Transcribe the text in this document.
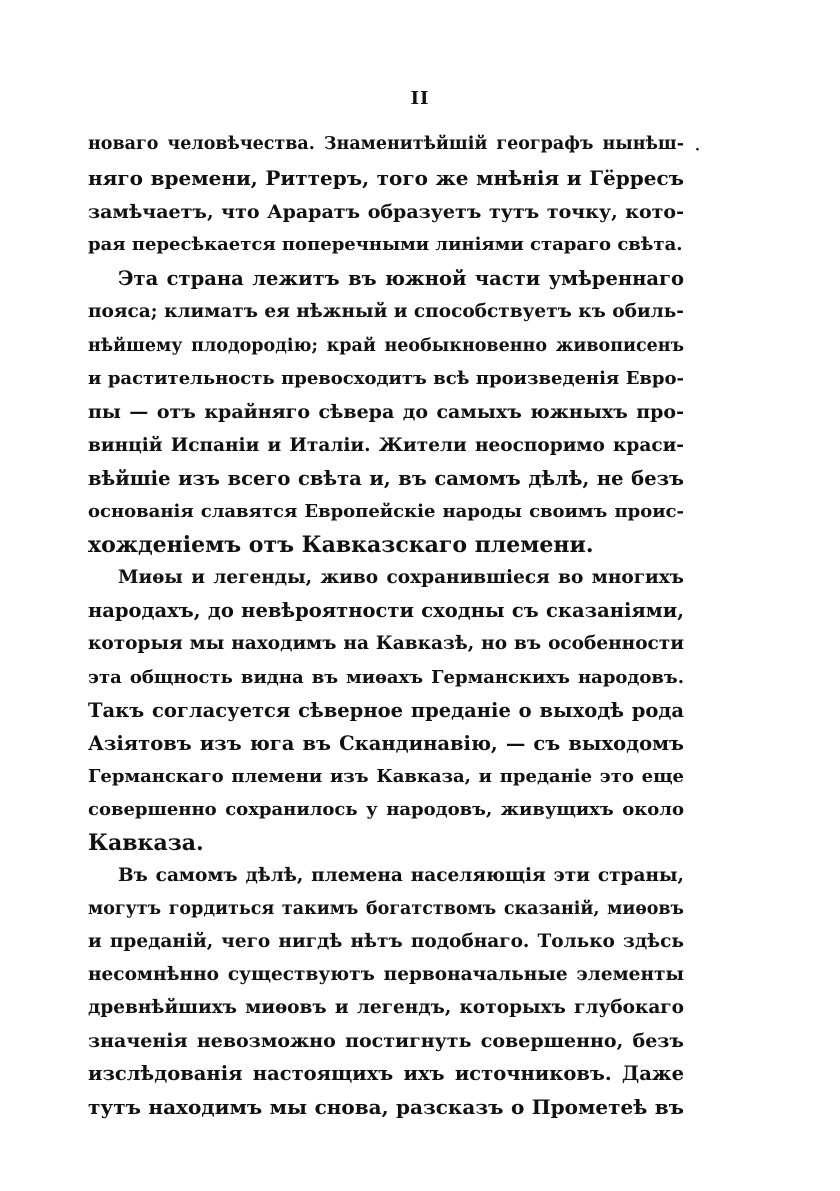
II
·
новаго человѣчества. Знаменитѣйшій географъ нынѣш-
няго времени, Риттеръ, того же мнѣнія и Гёрресъ
замѣчаетъ, что Араратъ образуетъ тутъ точку, кото-
рая пересѣкается поперечными линіями стараго свѣта.
Эта страна лежитъ въ южной части умѣреннаго
пояса; климатъ ея нѣжный и способствуетъ къ обиль-
нѣйшему плодородію; край необыкновенно живописенъ
и растительность превосходитъ всѣ произведенія Евро-
пы — отъ крайняго сѣвера до самыхъ южныхъ про-
винцій Испаніи и Италіи. Жители неоспоримо краси-
вѣйшіе изъ всего свѣта и, въ самомъ дѣлѣ, не безъ
основанія славятся Европейскіе народы своимъ проис-
хожденіемъ отъ Кавказскаго племени.
Миѳы и легенды, живо сохранившіеся во многихъ
народахъ, до невѣроятности сходны съ сказаніями,
которыя мы находимъ на Кавказѣ, но въ особенности
эта общность видна въ миѳахъ Германскихъ народовъ.
Такъ согласуется сѣверное преданіе о выходѣ рода
Азіятовъ изъ юга въ Скандинавію, — съ выходомъ
Германскаго племени изъ Кавказа, и преданіе это еще
совершенно сохранилось у народовъ, живущихъ около
Кавказа.
Въ самомъ дѣлѣ, племена населяющія эти страны,
могутъ гордиться такимъ богатствомъ сказаній, миѳовъ
и преданій, чего нигдѣ нѣтъ подобнаго. Только здѣсь
несомнѣнно существуютъ первоначальные элементы
древнѣйшихъ миѳовъ и легендъ, которыхъ глубокаго
значенія невозможно постигнуть совершенно, безъ
изслѣдованія настоящихъ ихъ источниковъ. Даже
тутъ находимъ мы снова, разсказъ о Прометеѣ въ
